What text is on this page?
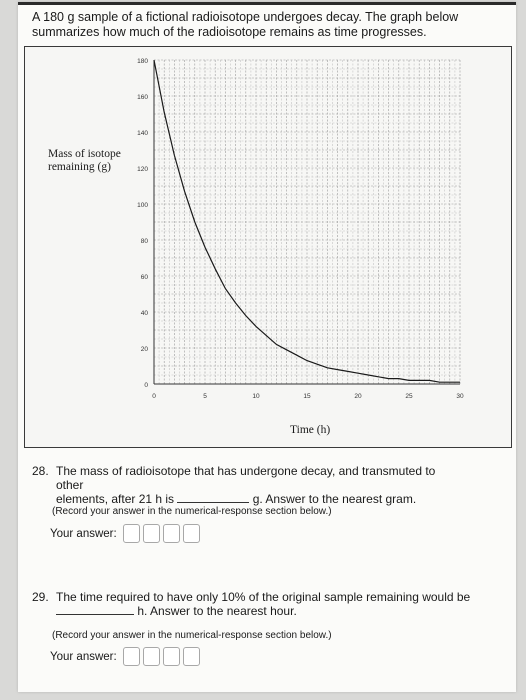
A 180 g sample of a fictional radioisotope undergoes decay. The graph below summarizes how much of the radioisotope remains as time progresses.
0
20
40
60
80
100
120
140
160
180
0	5	10	15	20	25	30
Mass of isotope remaining (g)
Time (h)
28. The mass of radioisotope that has undergone decay, and transmuted to other
elements, after 21 h is	g. Answer to the nearest gram.
(Record your answer in the numerical-response section below.)
Your answer:
29. The time required to have only 10% of the original sample remaining would be
h. Answer to the nearest hour.
(Record your answer in the numerical-response section below.)
Your answer:
